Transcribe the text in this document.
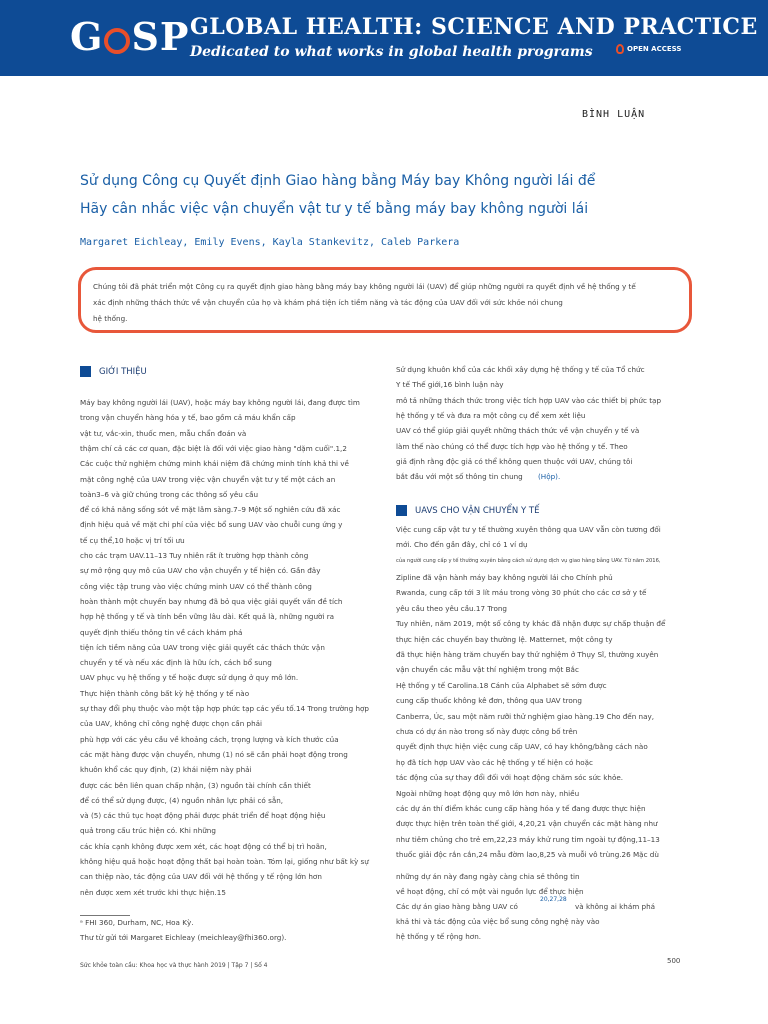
G SP GLOBAL HEALTH: SCIENCE AND PRACTICE
Dedicated to what works in global health programs	OPEN ACCESS
BÌNH LUẬN
Sử dụng Công cụ Quyết định Giao hàng bằng Máy bay Không người lái để
Hãy cân nhắc việc vận chuyển vật tư y tế bằng máy bay không người lái
Margaret Eichleay, Emily Evens, Kayla Stankevitz, Caleb Parkera
Chúng tôi đã phát triển một Công cụ ra quyết định giao hàng bằng máy bay không người lái (UAV) để giúp những người ra quyết định về hệ thống y tế
xác định những thách thức về vận chuyển của họ và khám phá tiện ích tiềm năng và tác động của UAV đối với sức khỏe nói chung
hệ thống.
GIỚI THIỆU
Máy bay không người lái (UAV), hoặc máy bay không người lái, đang được tìm
trong vận chuyển hàng hóa y tế, bao gồm cả máu khẩn cấp
vật tư, vắc-xin, thuốc men, mẫu chẩn đoán và
thậm chí cả các cơ quan, đặc biệt là đối với việc giao hàng "dặm cuối".1,2
Các cuộc thử nghiệm chứng minh khái niệm đã chứng minh tính khả thi về
mặt công nghệ của UAV trong việc vận chuyển vật tư y tế một cách an
toàn3–6 và giữ chúng trong các thông số yêu cầu
để có khả năng sống sót về mặt lâm sàng.7–9 Một số nghiên cứu đã xác
định hiệu quả về mặt chi phí của việc bổ sung UAV vào chuỗi cung ứng y
tế cụ thể,10 hoặc vị trí tối ưu
cho các trạm UAV.11–13 Tuy nhiên rất ít trường hợp thành công
sự mở rộng quy mô của UAV cho vận chuyển y tế hiện có. Gần đây
công việc tập trung vào việc chứng minh UAV có thể thành công
hoàn thành một chuyến bay nhưng đã bỏ qua việc giải quyết vấn đề tích
hợp hệ thống y tế và tính bền vững lâu dài. Kết quả là, những người ra
quyết định thiếu thông tin về cách khám phá
tiện ích tiềm năng của UAV trong việc giải quyết các thách thức vận
chuyển y tế và nếu xác định là hữu ích, cách bổ sung
UAV phục vụ hệ thống y tế hoặc được sử dụng ở quy mô lớn.
Thực hiện thành công bất kỳ hệ thống y tế nào
sự thay đổi phụ thuộc vào một tập hợp phức tạp các yếu tố.14 Trong trường hợp
của UAV, không chỉ công nghệ được chọn cần phải
phù hợp với các yêu cầu về khoảng cách, trọng lượng và kích thước của
các mặt hàng được vận chuyển, nhưng (1) nó sẽ cần phải hoạt động trong
khuôn khổ các quy định, (2) khái niệm này phải
được các bên liên quan chấp nhận, (3) nguồn tài chính cần thiết
để có thể sử dụng được, (4) nguồn nhân lực phải có sẵn,
và (5) các thủ tục hoạt động phải được phát triển để hoạt động hiệu
quả trong cấu trúc hiện có. Khi những
các khía cạnh không được xem xét, các hoạt động có thể bị trì hoãn,
không hiệu quả hoặc hoạt động thất bại hoàn toàn. Tóm lại, giống như bất kỳ sự
can thiệp nào, tác động của UAV đối với hệ thống y tế rộng lớn hơn
nên được xem xét trước khi thực hiện.15
ᵃ FHI 360, Durham, NC, Hoa Kỳ.
Thư từ gửi tới Margaret Eichleay (meichleay@fhi360.org).
Sử dụng khuôn khổ của các khối xây dựng hệ thống y tế của Tổ chức
Y tế Thế giới,16 bình luận này
mô tả những thách thức trong việc tích hợp UAV vào các thiết bị phức tạp
hệ thống y tế và đưa ra một công cụ để xem xét liệu
UAV có thể giúp giải quyết những thách thức về vận chuyển y tế và
làm thế nào chúng có thể được tích hợp vào hệ thống y tế. Theo
giả định rằng độc giả có thể không quen thuộc với UAV, chúng tôi
bắt đầu với một số thông tin chung (Hộp).
UAVS CHO VẬN CHUYỂN Y TẾ
Việc cung cấp vật tư y tế thường xuyên thông qua UAV vẫn còn tương đối
mới. Cho đến gần đây, chỉ có 1 ví dụ
Zipline đã vận hành máy bay không người lái cho Chính phủ
Rwanda, cung cấp tới 3 lít máu trong vòng 30 phút cho các cơ sở y tế
yêu cầu theo yêu cầu.17 Trong
Tuy nhiên, năm 2019, một số công ty khác đã nhận được sự chấp thuận để
thực hiện các chuyến bay thường lệ. Matternet, một công ty
đã thực hiện hàng trăm chuyến bay thử nghiệm ở Thụy Sĩ, thường xuyên
vận chuyển các mẫu vật thí nghiệm trong một Bắc
Hệ thống y tế Carolina.18 Cánh của Alphabet sẽ sớm được
cung cấp thuốc không kê đơn, thông qua UAV trong
Canberra, Úc, sau một năm rưỡi thử nghiệm giao hàng.19 Cho đến nay,
chưa có dự án nào trong số này được công bố trên
quyết định thực hiện việc cung cấp UAV, có hay không/bằng cách nào
họ đã tích hợp UAV vào các hệ thống y tế hiện có hoặc
tác động của sự thay đổi đối với hoạt động chăm sóc sức khỏe.
Ngoài những hoạt động quy mô lớn hơn này, nhiều
các dự án thí điểm khác cung cấp hàng hóa y tế đang được thực hiện
được thực hiện trên toàn thế giới, 4,20,21 vận chuyển các mặt hàng như
như tiêm chủng cho trẻ em,22,23 máy khử rung tim ngoài tự động,11–13
thuốc giải độc rắn cắn,24 mẫu đờm lao,8,25 và muỗi vô trùng.26 Mặc dù
của người cung cấp y tế thường xuyên bằng cách sử dụng dịch vụ giao hàng bằng UAV. Từ năm 2016,
những dự án này đang ngày càng chia sẻ thông tin
về hoạt động, chỉ có một vài nguồn lực để thực hiện
Các dự án giao hàng bằng UAV có	và không ai khám phá
khả thi và tác động của việc bổ sung công nghệ này vào
hệ thống y tế rộng hơn.
20,27,28
Sức khỏe toàn cầu: Khoa học và thực hành 2019 | Tập 7 | Số 4
500
